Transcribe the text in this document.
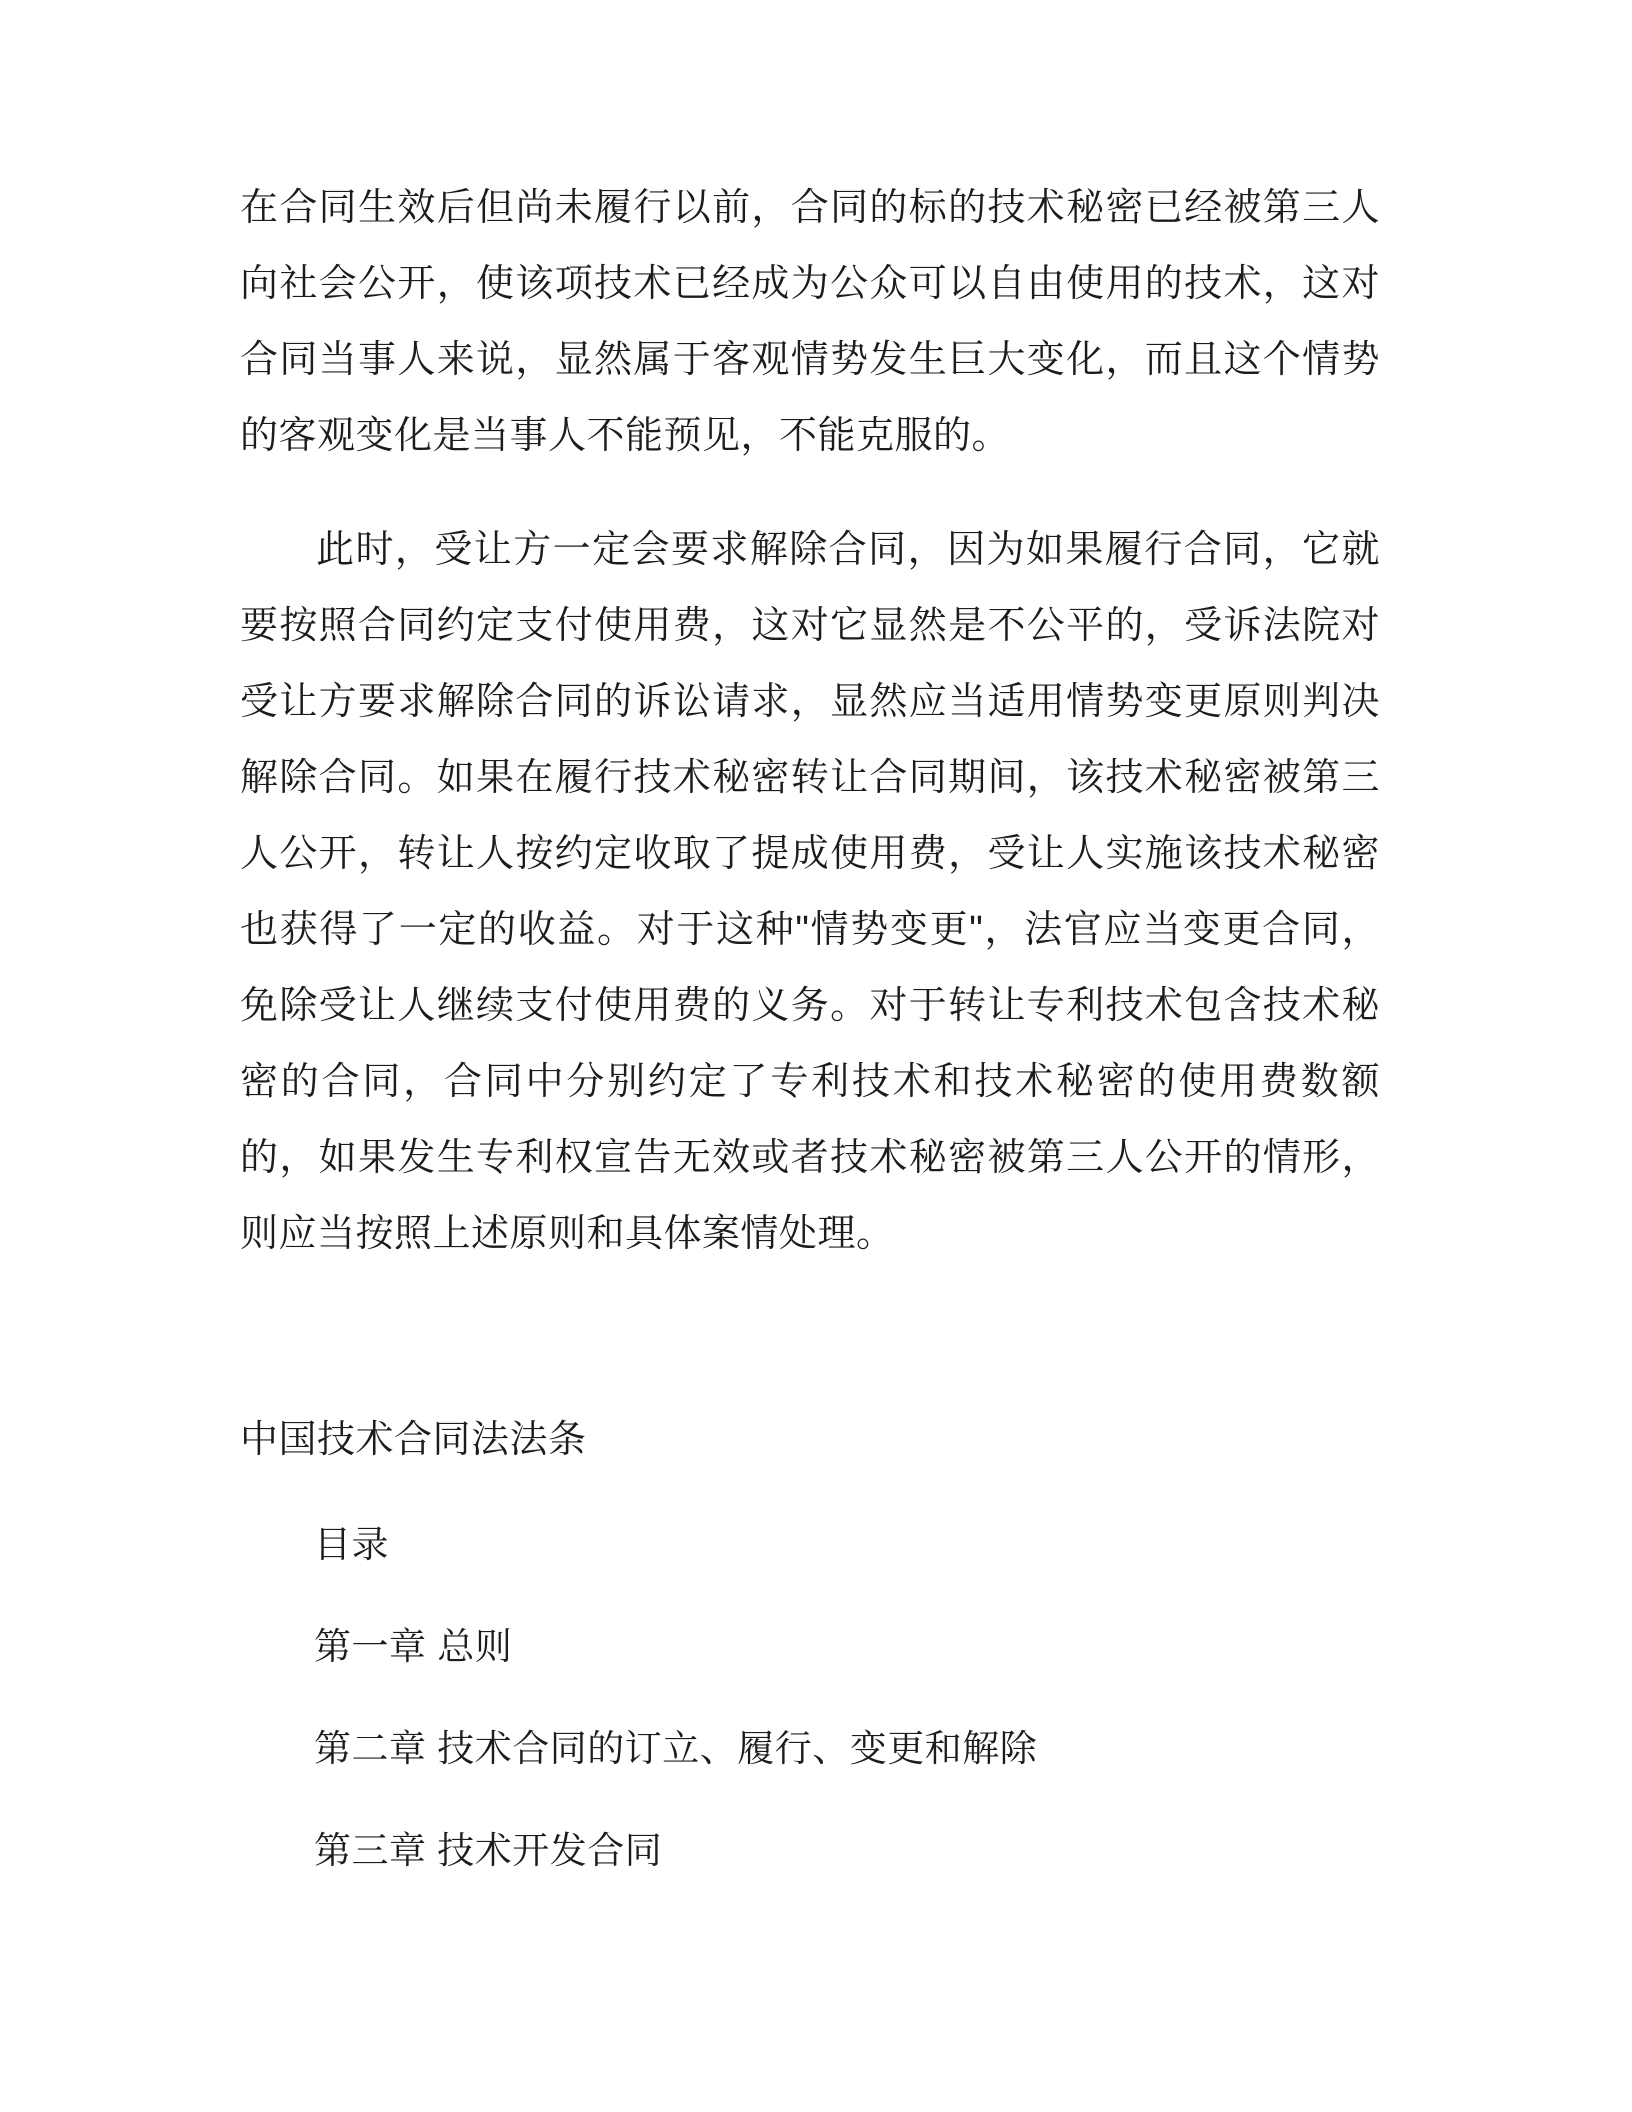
在合同生效后但尚未履行以前，合同的标的技术秘密已经被第三人向社会公开，使该项技术已经成为公众可以自由使用的技术，这对合同当事人来说，显然属于客观情势发生巨大变化，而且这个情势的客观变化是当事人不能预见，不能克服的。

此时，受让方一定会要求解除合同，因为如果履行合同，它就要按照合同约定支付使用费，这对它显然是不公平的，受诉法院对受让方要求解除合同的诉讼请求，显然应当适用情势变更原则判决解除合同。如果在履行技术秘密转让合同期间，该技术秘密被第三人公开，转让人按约定收取了提成使用费，受让人实施该技术秘密也获得了一定的收益。对于这种"情势变更"，法官应当变更合同，免除受让人继续支付使用费的义务。对于转让专利技术包含技术秘密的合同，合同中分别约定了专利技术和技术秘密的使用费数额的，如果发生专利权宣告无效或者技术秘密被第三人公开的情形，则应当按照上述原则和具体案情处理。

中国技术合同法法条

目录

第一章 总则

第二章 技术合同的订立、履行、变更和解除

第三章 技术开发合同
